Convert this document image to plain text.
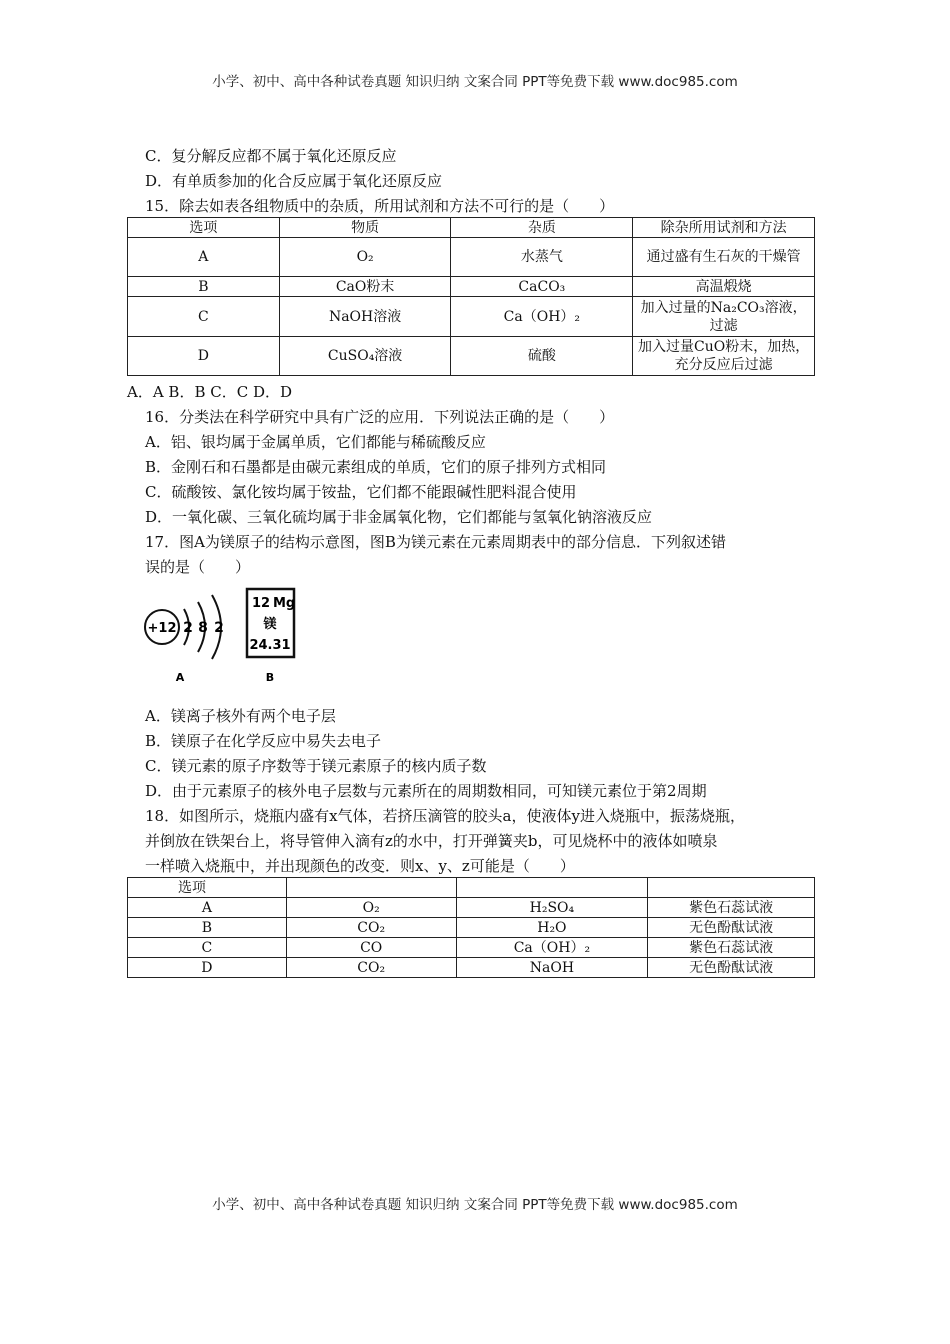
小学、初中、高中各种试卷真题 知识归纳 文案合同 PPT等免费下载 www.doc985.com
C．复分解反应都不属于氧化还原反应
D．有单质参加的化合反应属于氧化还原反应
15．除去如表各组物质中的杂质，所用试剂和方法不可行的是（　　）
选项	物质	杂质	除杂所用试剂和方法
A	O₂	水蒸气	通过盛有生石灰的干燥管
B	CaO粉末	CaCO₃	高温煅烧
C	NaOH溶液	Ca（OH）₂	加入过量的Na₂CO₃溶液，过滤
D	CuSO₄溶液	硫酸	加入过量CuO粉末，加热，充分反应后过滤
A．A B．B C．C D．D
16．分类法在科学研究中具有广泛的应用．下列说法正确的是（　　）
A．铝、银均属于金属单质，它们都能与稀硫酸反应
B．金刚石和石墨都是由碳元素组成的单质，它们的原子排列方式相同
C．硫酸铵、氯化铵均属于铵盐，它们都不能跟碱性肥料混合使用
D．一氧化碳、三氧化硫均属于非金属氧化物，它们都能与氢氧化钠溶液反应
17．图A为镁原子的结构示意图，图B为镁元素在元素周期表中的部分信息．下列叙述错
误的是（　　）
+12 2 8 2
A
12 Mg
镁
24.31
B
A．镁离子核外有两个电子层
B．镁原子在化学反应中易失去电子
C．镁元素的原子序数等于镁元素原子的核内质子数
D．由于元素原子的核外电子层数与元素所在的周期数相同，可知镁元素位于第2周期
18．如图所示，烧瓶内盛有x气体，若挤压滴管的胶头a，使液体y进入烧瓶中，振荡烧瓶，
并倒放在铁架台上，将导管伸入滴有z的水中，打开弹簧夹b，可见烧杯中的液体如喷泉
一样喷入烧瓶中，并出现颜色的改变．则x、y、z可能是（　　）
选项			
A	O₂	H₂SO₄	紫色石蕊试液
B	CO₂	H₂O	无色酚酞试液
C	CO	Ca（OH）₂	紫色石蕊试液
D	CO₂	NaOH	无色酚酞试液
小学、初中、高中各种试卷真题 知识归纳 文案合同 PPT等免费下载 www.doc985.com
